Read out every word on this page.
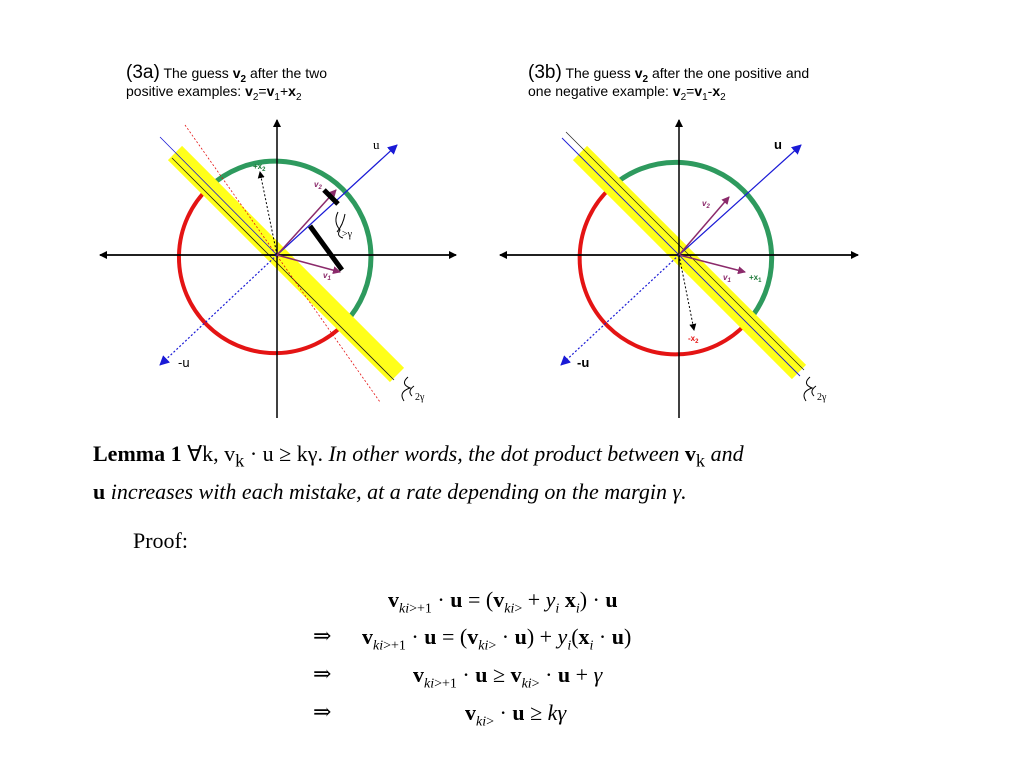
(3a) The guess $v_2$ after the two
positive examples: $v_2=v_1+x_2$
(3b) The guess $v_2$ after the one positive and
one negative example: $v_2=v_1-x_2$
u
-u
$+x_2$
$v_2$
$v_1$
>γ
2γ
u
-u
$v_2$
$v_1 +x_1$
$-x_2$
2γ
Lemma 1 ∀k, $v_k \cdot u \ge k\gamma$. In other words, the dot product between $v_k$ and
u increases with each mistake, at a rate depending on the margin γ.
Proof:
$v_{ki>+1} \cdot u = (v_{ki>} + y_i$ $x_i) \cdot u$
⇒ $v_{ki>+1} \cdot u = (v_{ki>} \cdot u) + y_i(x_i \cdot u)$
⇒	$v_{ki>+1} \cdot u \ge v_{ki>} \cdot u + \gamma$
⇒	$v_{ki>} \cdot u \ge k\gamma$
